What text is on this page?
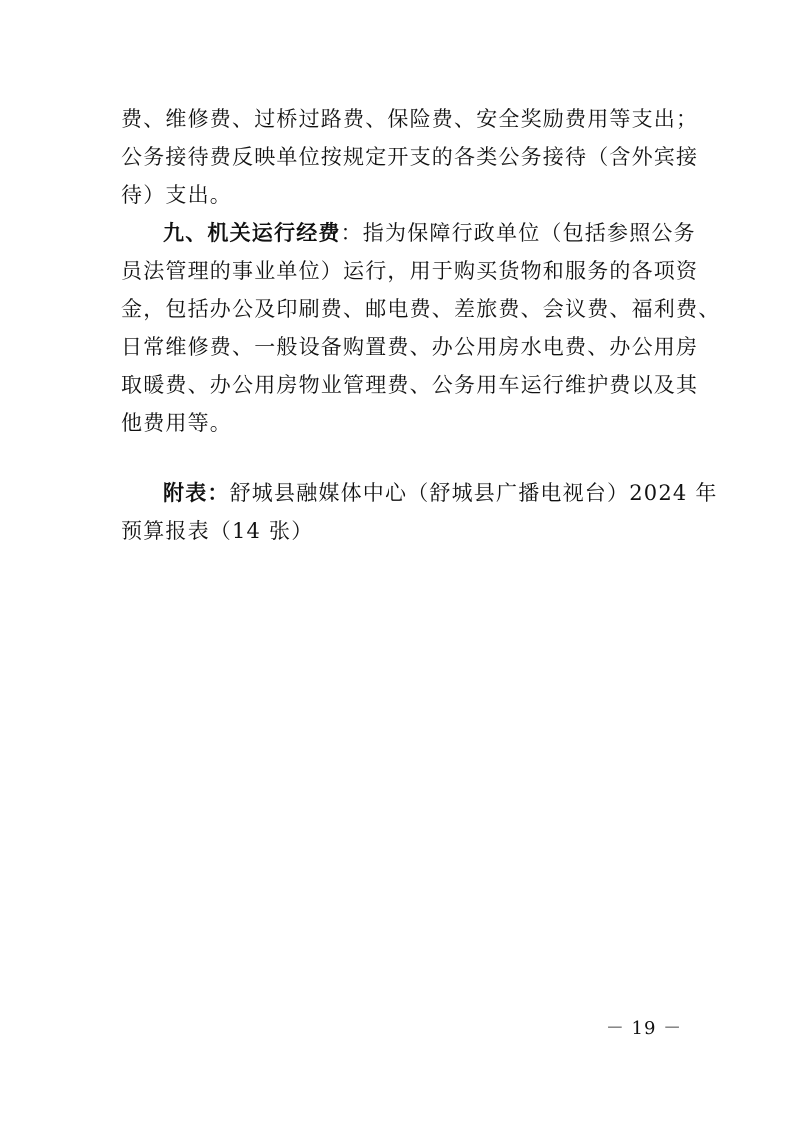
费、维修费、过桥过路费、保险费、安全奖励费用等支出；
公务接待费反映单位按规定开支的各类公务接待（含外宾接
待）支出。
九、机关运行经费：指为保障行政单位（包括参照公务
员法管理的事业单位）运行，用于购买货物和服务的各项资
金，包括办公及印刷费、邮电费、差旅费、会议费、福利费、
日常维修费、一般设备购置费、办公用房水电费、办公用房
取暖费、办公用房物业管理费、公务用车运行维护费以及其
他费用等。
附表：舒城县融媒体中心（舒城县广播电视台）2024 年
预算报表（14 张）
－ 19 －
